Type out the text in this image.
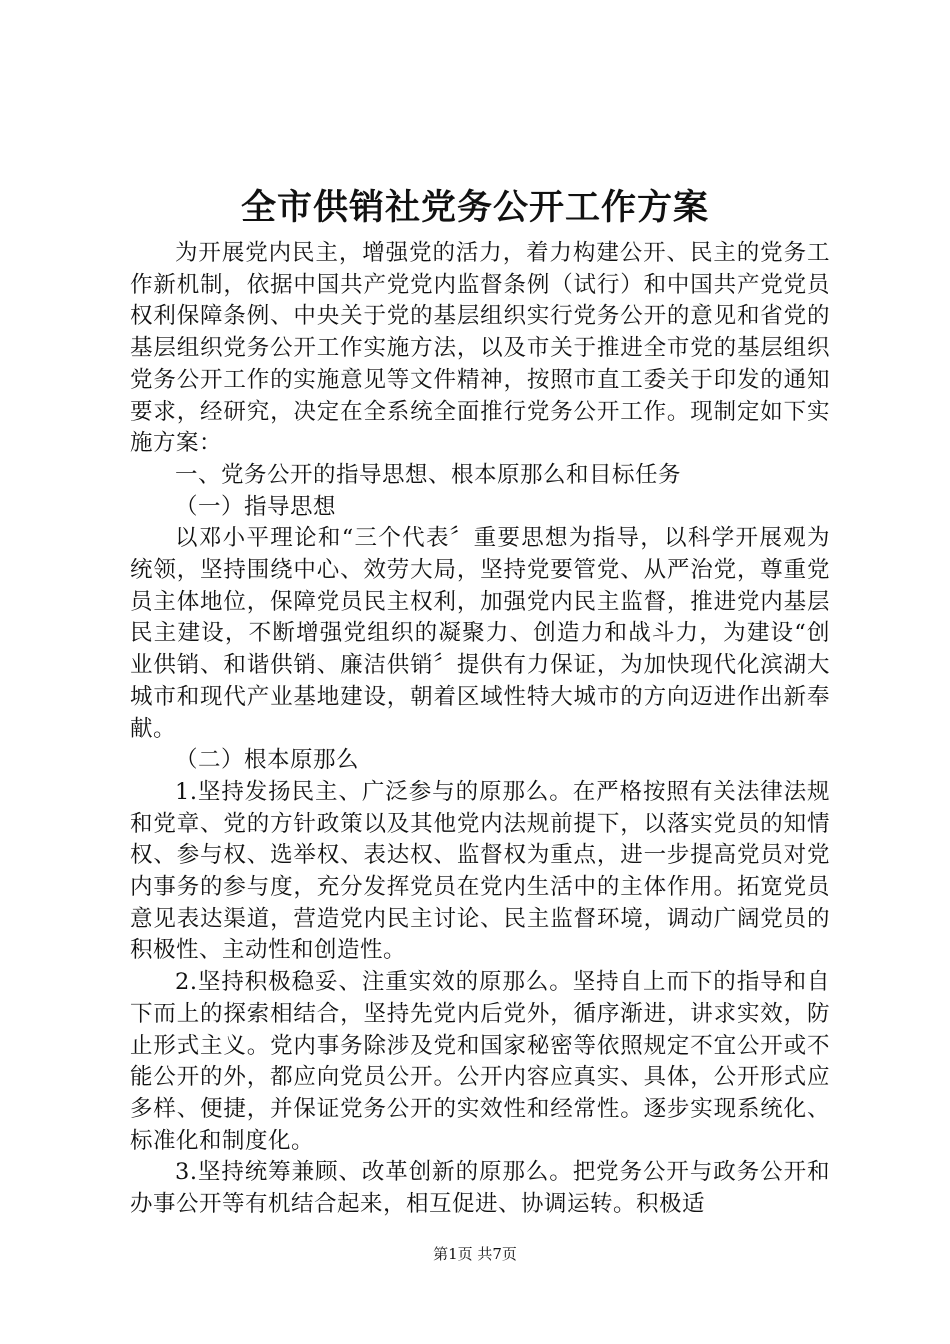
全市供销社党务公开工作方案

为开展党内民主，增强党的活力，着力构建公开、民主的党务工作新机制，依据中国共产党党内监督条例（试行）和中国共产党党员权利保障条例、中央关于党的基层组织实行党务公开的意见和省党的基层组织党务公开工作实施方法，以及市关于推进全市党的基层组织党务公开工作的实施意见等文件精神，按照市直工委关于印发的通知要求，经研究，决定在全系统全面推行党务公开工作。现制定如下实施方案：

一、党务公开的指导思想、根本原那么和目标任务

（一）指导思想

以邓小平理论和“三个代表〞重要思想为指导，以科学开展观为统领，坚持围绕中心、效劳大局，坚持党要管党、从严治党，尊重党员主体地位，保障党员民主权利，加强党内民主监督，推进党内基层民主建设，不断增强党组织的凝聚力、创造力和战斗力，为建设“创业供销、和谐供销、廉洁供销〞提供有力保证，为加快现代化滨湖大城市和现代产业基地建设，朝着区域性特大城市的方向迈进作出新奉献。

（二）根本原那么

1.坚持发扬民主、广泛参与的原那么。在严格按照有关法律法规和党章、党的方针政策以及其他党内法规前提下，以落实党员的知情权、参与权、选举权、表达权、监督权为重点，进一步提高党员对党内事务的参与度，充分发挥党员在党内生活中的主体作用。拓宽党员意见表达渠道，营造党内民主讨论、民主监督环境，调动广阔党员的积极性、主动性和创造性。

2.坚持积极稳妥、注重实效的原那么。坚持自上而下的指导和自下而上的探索相结合，坚持先党内后党外，循序渐进，讲求实效，防止形式主义。党内事务除涉及党和国家秘密等依照规定不宜公开或不能公开的外，都应向党员公开。公开内容应真实、具体，公开形式应多样、便捷，并保证党务公开的实效性和经常性。逐步实现系统化、标准化和制度化。

3.坚持统筹兼顾、改革创新的原那么。把党务公开与政务公开和办事公开等有机结合起来，相互促进、协调运转。积极适

第1页 共7页
